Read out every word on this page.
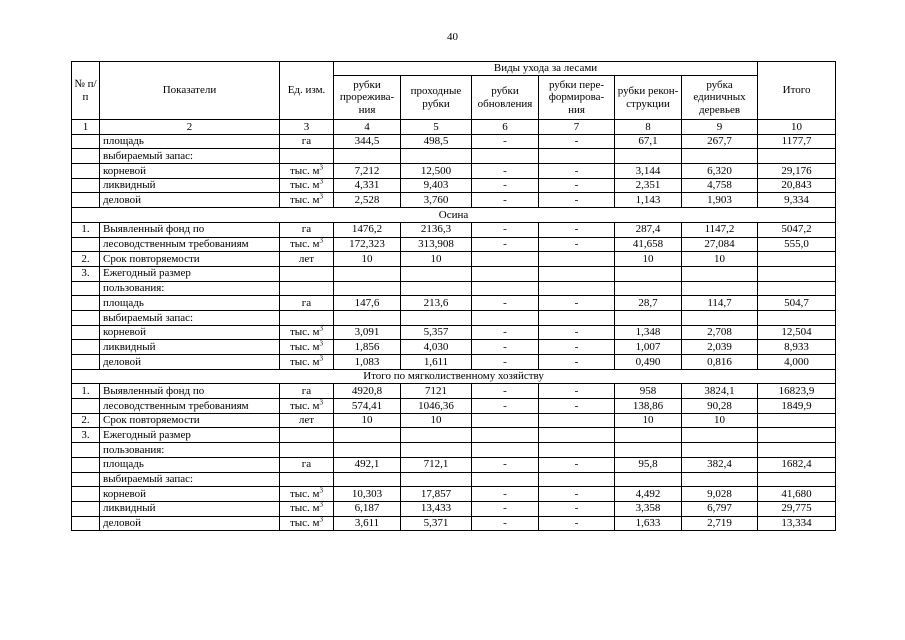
40
№ п/п	Показатели	Ед. изм.	Виды ухода за лесами						Итого
			рубки прорежива-ния	проходные рубки	рубки обновления	рубки пере-формирова-ния	рубки рекон-струкции	рубка единичных деревьев	
1	2	3	4	5	6	7	8	9	10
	площадь	га	344,5	498,5	-	-	67,1	267,7	1177,7
	выбираемый запас:								
	корневой	тыс. $м^3$	7,212	12,500	-	-	3,144	6,320	29,176
	ликвидный	тыс. $м^3$	4,331	9,403	-	-	2,351	4,758	20,843
	деловой	тыс. $м^3$	2,528	3,760	-	-	1,143	1,903	9,334
Осина									
1.	Выявленный фонд по	га	1476,2	2136,3	-	-	287,4	1147,2	5047,2
	лесоводственным требованиям	тыс. $м^3$	172,323	313,908	-	-	41,658	27,084	555,0
2.	Срок повторяемости	лет	10	10			10	10	
3.	Ежегодный размер								
	пользования:								
	площадь	га	147,6	213,6	-	-	28,7	114,7	504,7
	выбираемый запас:								
	корневой	тыс. $м^3$	3,091	5,357	-	-	1,348	2,708	12,504
	ликвидный	тыс. $м^3$	1,856	4,030	-	-	1,007	2,039	8,933
	деловой	тыс. $м^3$	1,083	1,611	-	-	0,490	0,816	4,000
Итого по мягколиственному хозяйству									
1.	Выявленный фонд по	га	4920,8	7121	-	-	958	3824,1	16823,9
	лесоводственным требованиям	тыс. $м^3$	574,41	1046,36	-	-	138,86	90,28	1849,9
2.	Срок повторяемости	лет	10	10			10	10	
3.	Ежегодный размер								
	пользования:								
	площадь	га	492,1	712,1	-	-	95,8	382,4	1682,4
	выбираемый запас:								
	корневой	тыс. $м^3$	10,303	17,857	-	-	4,492	9,028	41,680
	ликвидный	тыс. $м^3$	6,187	13,433	-	-	3,358	6,797	29,775
	деловой	тыс. $м^3$	3,611	5,371	-	-	1,633	2,719	13,334
